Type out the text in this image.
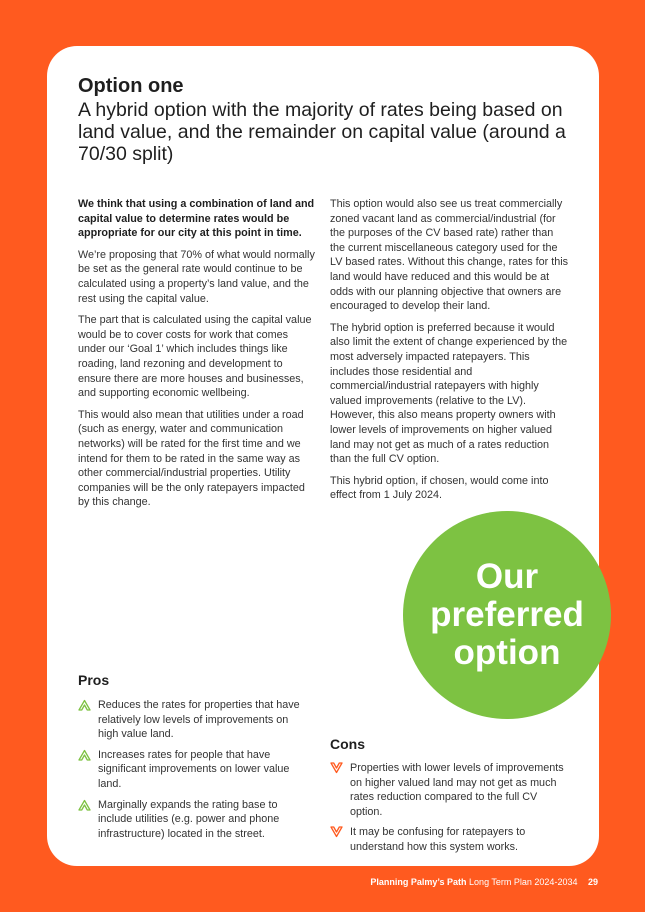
Option one
A hybrid option with the majority of rates being based on land value, and the remainder on capital value (around a 70/30 split)

We think that using a combination of land and capital value to determine rates would be appropriate for our city at this point in time.

We’re proposing that 70% of what would normally be set as the general rate would continue to be calculated using a property’s land value, and the rest using the capital value.

The part that is calculated using the capital value would be to cover costs for work that comes under our ‘Goal 1’ which includes things like roading, land rezoning and development to ensure there are more houses and businesses, and supporting economic wellbeing.

This would also mean that utilities under a road (such as energy, water and communication networks) will be rated for the first time and we intend for them to be rated in the same way as other commercial/industrial properties. Utility companies will be the only ratepayers impacted by this change.

This option would also see us treat commercially zoned vacant land as commercial/industrial (for the purposes of the CV based rate) rather than the current miscellaneous category used for the LV based rates. Without this change, rates for this land would have reduced and this would be at odds with our planning objective that owners are encouraged to develop their land.

The hybrid option is preferred because it would also limit the extent of change experienced by the most adversely impacted ratepayers. This includes those residential and commercial/industrial ratepayers with highly valued improvements (relative to the LV). However, this also means property owners with lower levels of improvements on higher valued land may not get as much of a rates reduction than the full CV option.

This hybrid option, if chosen, would come into effect from 1 July 2024.

Our
preferred
option
Pros
Reduces the rates for properties that have relatively low levels of improvements on high value land.
Increases rates for people that have significant improvements on lower value land.
Marginally expands the rating base to include utilities (e.g. power and phone infrastructure) located in the street.
Cons
Properties with lower levels of improvements on higher valued land may not get as much rates reduction compared to the full CV option.
It may be confusing for ratepayers to understand how this system works.
Planning Palmy’s Path Long Term Plan 2024-2034 29
